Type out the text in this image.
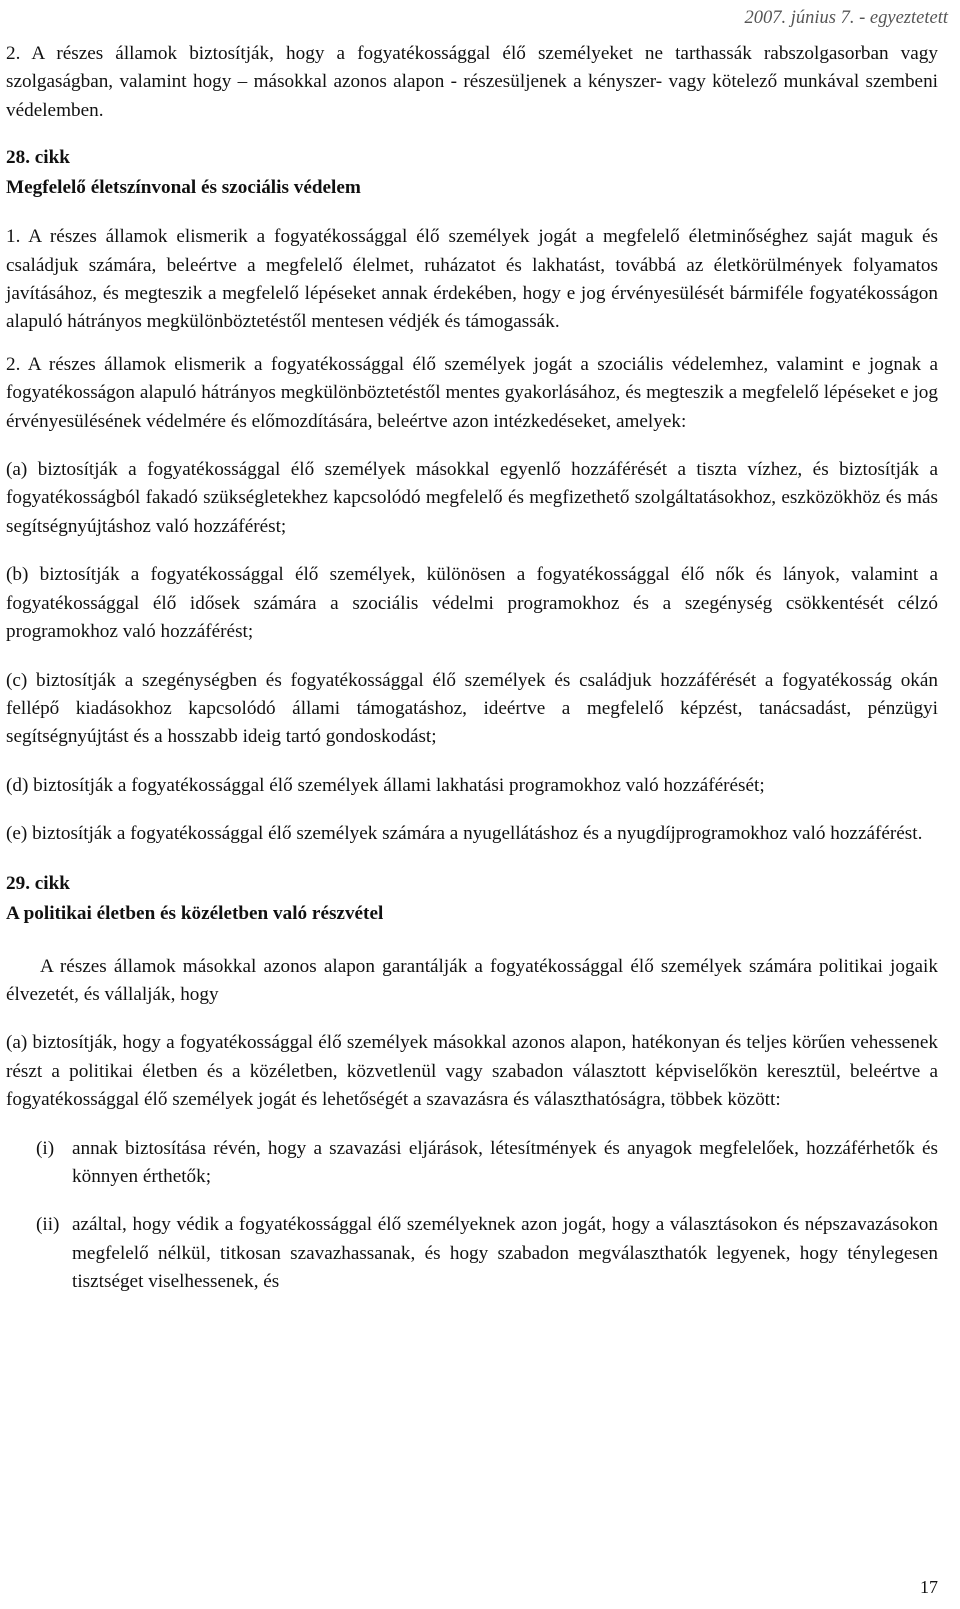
2007. június 7. - egyeztetett

2. A részes államok biztosítják, hogy a fogyatékossággal élő személyeket ne tarthassák rabszolgasorban vagy szolgaságban, valamint hogy – másokkal azonos alapon - részesüljenek a kényszer- vagy kötelező munkával szembeni védelemben.

28. cikk
Megfelelő életszínvonal és szociális védelem

1. A részes államok elismerik a fogyatékossággal élő személyek jogát a megfelelő életminőséghez saját maguk és családjuk számára, beleértve a megfelelő élelmet, ruházatot és lakhatást, továbbá az életkörülmények folyamatos javításához, és megteszik a megfelelő lépéseket annak érdekében, hogy e jog érvényesülését bármiféle fogyatékosságon alapuló hátrányos megkülönböztetéstől mentesen védjék és támogassák.

2. A részes államok elismerik a fogyatékossággal élő személyek jogát a szociális védelemhez, valamint e jognak a fogyatékosságon alapuló hátrányos megkülönböztetéstől mentes gyakorlásához, és megteszik a megfelelő lépéseket e jog érvényesülésének védelmére és előmozdítására, beleértve azon intézkedéseket, amelyek:

(a) biztosítják a fogyatékossággal élő személyek másokkal egyenlő hozzáférését a tiszta vízhez, és biztosítják a fogyatékosságból fakadó szükségletekhez kapcsolódó megfelelő és megfizethető szolgáltatásokhoz, eszközökhöz és más segítségnyújtáshoz való hozzáférést;

(b) biztosítják a fogyatékossággal élő személyek, különösen a fogyatékossággal élő nők és lányok, valamint a fogyatékossággal élő idősek számára a szociális védelmi programokhoz és a szegénység csökkentését célzó programokhoz való hozzáférést;

(c) biztosítják a szegénységben és fogyatékossággal élő személyek és családjuk hozzáférését a fogyatékosság okán fellépő kiadásokhoz kapcsolódó állami támogatáshoz, ideértve a megfelelő képzést, tanácsadást, pénzügyi segítségnyújtást és a hosszabb ideig tartó gondoskodást;

(d) biztosítják a fogyatékossággal élő személyek állami lakhatási programokhoz való hozzáférését;

(e) biztosítják a fogyatékossággal élő személyek számára a nyugellátáshoz és a nyugdíjprogramokhoz való hozzáférést.

29. cikk
A politikai életben és közéletben való részvétel

A részes államok másokkal azonos alapon garantálják a fogyatékossággal élő személyek számára politikai jogaik élvezetét, és vállalják, hogy

(a) biztosítják, hogy a fogyatékossággal élő személyek másokkal azonos alapon, hatékonyan és teljes körűen vehessenek részt a politikai életben és a közéletben, közvetlenül vagy szabadon választott képviselőkön keresztül, beleértve a fogyatékossággal élő személyek jogát és lehetőségét a szavazásra és választhatóságra, többek között:

(i) annak biztosítása révén, hogy a szavazási eljárások, létesítmények és anyagok megfelelőek, hozzáférhetők és könnyen érthetők;
(ii) azáltal, hogy védik a fogyatékossággal élő személyeknek azon jogát, hogy a választásokon és népszavazásokon megfelelő nélkül, titkosan szavazhassanak, és hogy szabadon megválaszthatók legyenek, hogy ténylegesen tisztséget viselhessenek, és
17
